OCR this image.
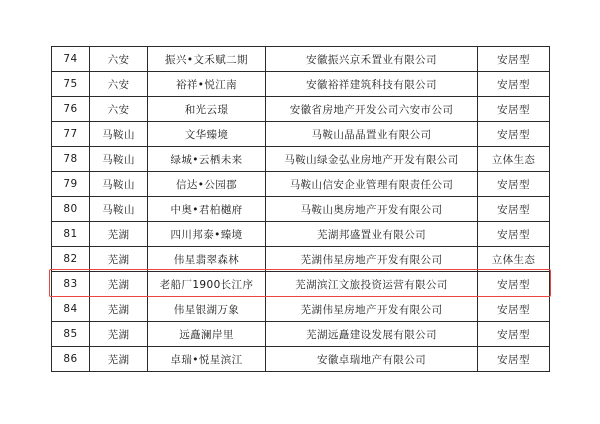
74	六安	振兴•文禾赋二期	安徽振兴京禾置业有限公司	安居型
75	六安	裕祥•悦江南	安徽裕祥建筑科技有限公司	安居型
76	六安	和光云璟	安徽省房地产开发公司六安市公司	安居型
77	马鞍山	文华臻境	马鞍山晶晶置业有限公司	安居型
78	马鞍山	绿城•云栖未来	马鞍山绿金弘业房地产开发有限公司	立体生态
79	马鞍山	信达•公园郡	马鞍山信安企业管理有限责任公司	安居型
80	马鞍山	中奥•君柏樾府	马鞍山奥房地产开发有限公司	安居型
81	芜湖	四川邦泰•臻境	芜湖邦盛置业有限公司	安居型
82	芜湖	伟星翡翠森林	芜湖伟星房地产开发有限公司	立体生态
83	芜湖	老船厂1900长江序	芜湖滨江文旅投资运营有限公司	安居型
84	芜湖	伟星银湖万象	芜湖伟星房地产开发有限公司	安居型
85	芜湖	远矗澜岸里	芜湖远矗建设发展有限公司	安居型
86	芜湖	卓瑞•悦星滨江	安徽卓瑞地产有限公司	安居型
